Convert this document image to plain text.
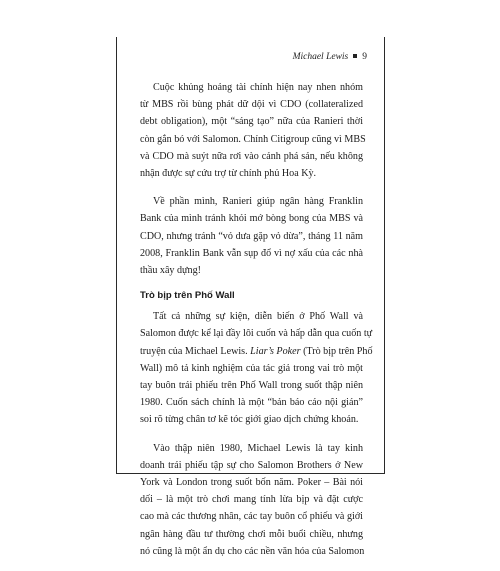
Michael Lewis 9

Cuộc khủng hoảng tài chính hiện nay nhen nhóm
từ MBS rồi bùng phát dữ dội vì CDO (collateralized
debt obligation), một “sáng tạo” nữa của Ranieri thời
còn gắn bó với Salomon. Chính Citigroup cũng vì MBS
và CDO mà suýt nữa rơi vào cảnh phá sản, nếu không
nhận được sự cứu trợ từ chính phủ Hoa Kỳ.

Về phần mình, Ranieri giúp ngân hàng Franklin
Bank của mình tránh khỏi mớ bòng bong của MBS và
CDO, nhưng tránh “vỏ dưa gặp vỏ dừa”, tháng 11 năm
2008, Franklin Bank vẫn sụp đổ vì nợ xấu của các nhà
thầu xây dựng!

Trò bịp trên Phố Wall

Tất cả những sự kiện, diễn biến ở Phố Wall và
Salomon được kể lại đầy lôi cuốn và hấp dẫn qua cuốn tự
truyện của Michael Lewis. Liar’s Poker (Trò bịp trên Phố
Wall) mô tả kinh nghiệm của tác giả trong vai trò một
tay buôn trái phiếu trên Phố Wall trong suốt thập niên
1980. Cuốn sách chính là một “bản báo cáo nội gián”
soi rõ từng chân tơ kẽ tóc giới giao dịch chứng khoán.

Vào thập niên 1980, Michael Lewis là tay kinh
doanh trái phiếu tập sự cho Salomon Brothers ở New
York và London trong suốt bốn năm. Poker – Bài nói
dối – là một trò chơi mang tính lừa bịp và đặt cược
cao mà các thương nhân, các tay buôn cổ phiếu và giới
ngân hàng đầu tư thường chơi mỗi buổi chiều, nhưng
nó cũng là một ẩn dụ cho các nền văn hóa của Salomon
